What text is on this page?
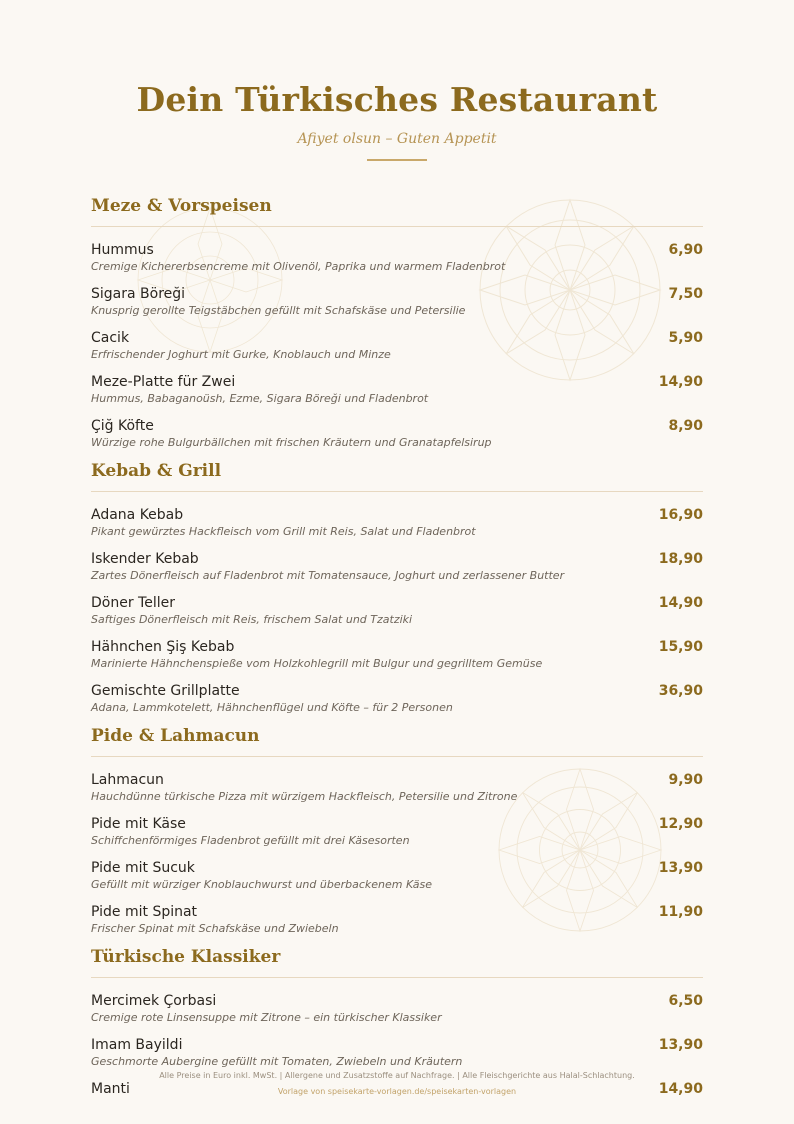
Dein Türkisches Restaurant
Afiyet olsun – Guten Appetit
Meze & Vorspeisen
Hummus
Cremige Kichererbsencreme mit Olivenöl, Paprika und warmem Fladenbrot
6,90
Sigara Böreği
Knusprig gerollte Teigstäbchen gefüllt mit Schafskäse und Petersilie
7,50
Cacik
Erfrischender Joghurt mit Gurke, Knoblauch und Minze
5,90
Meze-Platte für Zwei
Hummus, Babaganoüsh, Ezme, Sigara Böreği und Fladenbrot
14,90
Çiğ Köfte
Würzige rohe Bulgurbällchen mit frischen Kräutern und Granatapfelsirup
8,90
Kebab & Grill
Adana Kebab
Pikant gewürztes Hackfleisch vom Grill mit Reis, Salat und Fladenbrot
16,90
Iskender Kebab
Zartes Dönerfleisch auf Fladenbrot mit Tomatensauce, Joghurt und zerlassener Butter
18,90
Döner Teller
Saftiges Dönerfleisch mit Reis, frischem Salat und Tzatziki
14,90
Hähnchen Şiş Kebab
Marinierte Hähnchenspieße vom Holzkohlegrill mit Bulgur und gegrilltem Gemüse
15,90
Gemischte Grillplatte
Adana, Lammkotelett, Hähnchenflügel und Köfte – für 2 Personen
36,90
Pide & Lahmacun
Lahmacun
Hauchdünne türkische Pizza mit würzigem Hackfleisch, Petersilie und Zitrone
9,90
Pide mit Käse
Schiffchenförmiges Fladenbrot gefüllt mit drei Käsesorten
12,90
Pide mit Sucuk
Gefüllt mit würziger Knoblauchwurst und überbackenem Käse
13,90
Pide mit Spinat
Frischer Spinat mit Schafskäse und Zwiebeln
11,90
Türkische Klassiker
Mercimek Çorbasi
Cremige rote Linsensuppe mit Zitrone – ein türkischer Klassiker
6,50
Imam Bayildi
Geschmorte Aubergine gefüllt mit Tomaten, Zwiebeln und Kräutern
13,90
Manti	14,90
Alle Preise in Euro inkl. MwSt. | Allergene und Zusatzstoffe auf Nachfrage. | Alle Fleischgerichte aus Halal-Schlachtung.
Vorlage von speisekarte-vorlagen.de/speisekarten-vorlagen
